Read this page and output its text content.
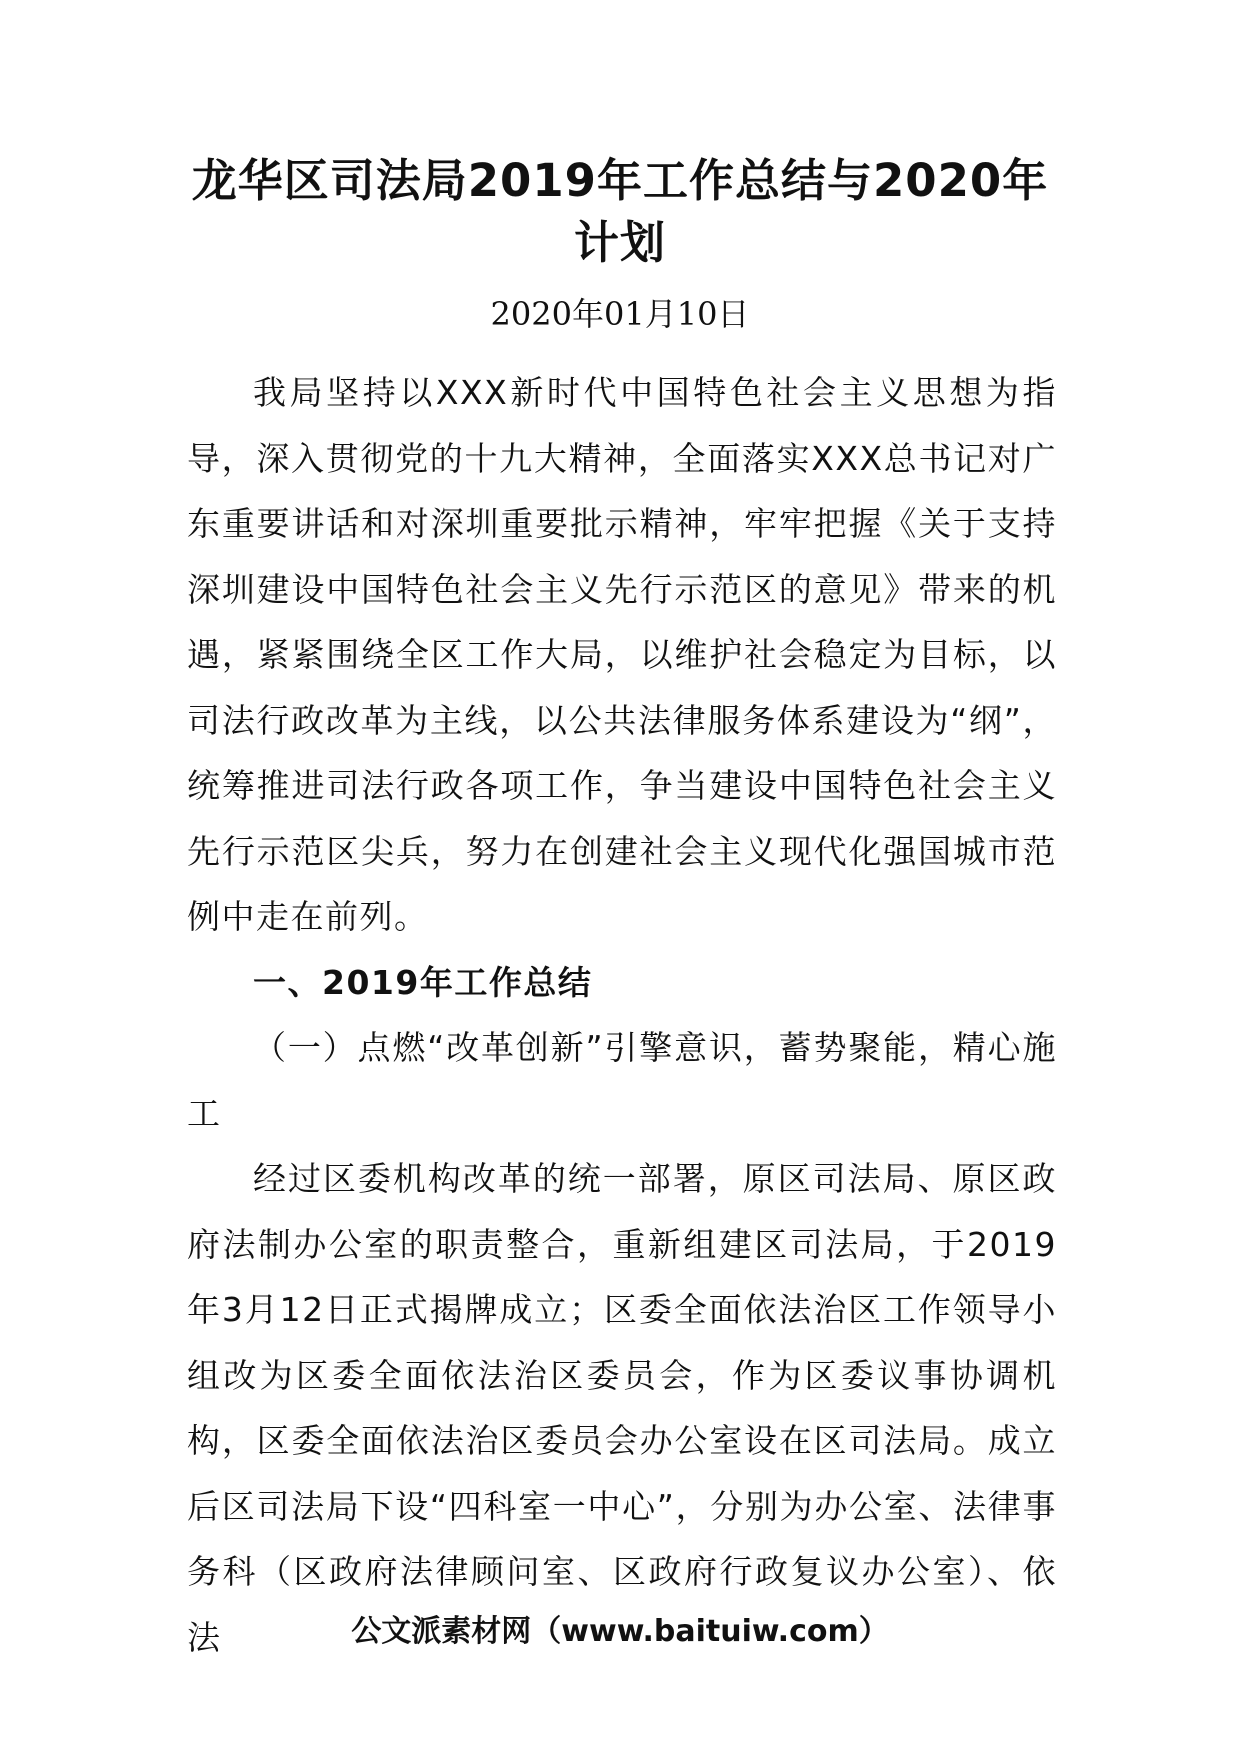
龙华区司法局2019年工作总结与2020年计划
2020年01月10日

我局坚持以XXX新时代中国特色社会主义思想为指导，深入贯彻党的十九大精神，全面落实XXX总书记对广东重要讲话和对深圳重要批示精神，牢牢把握《关于支持深圳建设中国特色社会主义先行示范区的意见》带来的机遇，紧紧围绕全区工作大局，以维护社会稳定为目标，以司法行政改革为主线，以公共法律服务体系建设为“纲”，统筹推进司法行政各项工作，争当建设中国特色社会主义先行示范区尖兵，努力在创建社会主义现代化强国城市范例中走在前列。

一、2019年工作总结

（一）点燃“改革创新”引擎意识，蓄势聚能，精心施工

经过区委机构改革的统一部署，原区司法局、原区政府法制办公室的职责整合，重新组建区司法局，于2019年3月12日正式揭牌成立；区委全面依法治区工作领导小组改为区委全面依法治区委员会，作为区委议事协调机构，区委全面依法治区委员会办公室设在区司法局。成立后区司法局下设“四科室一中心”，分别为办公室、法律事务科（区政府法律顾问室、区政府行政复议办公室）、依法	公文派素材网（www.baituiw.com）
